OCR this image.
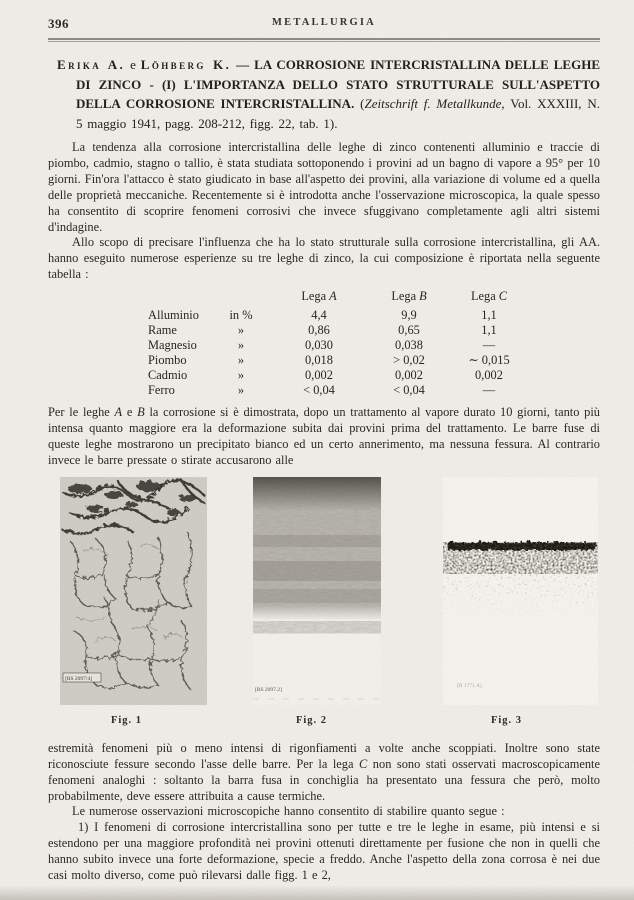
396	METALLURGIA

Erika A. e Löhberg K. — LA CORROSIONE INTERCRISTALLINA DELLE LEGHE DI ZINCO - (I) L'IMPORTANZA DELLO STATO STRUTTURALE SULL'ASPETTO DELLA CORROSIONE INTERCRISTALLINA. (Zeitschrift f. Metallkunde, Vol. XXXIII, N. 5 maggio 1941, pagg. 208-212, figg. 22, tab. 1).

La tendenza alla corrosione intercristallina delle leghe di zinco contenenti alluminio e traccie di piombo, cadmio, stagno o tallio, è stata studiata sottoponendo i provini ad un bagno di vapore a 95° per 10 giorni. Fin'ora l'attacco è stato giudicato in base all'aspetto dei provini, alla variazione di volume ed a quella delle proprietà meccaniche. Recentemente si è introdotta anche l'osservazione microscopica, la quale spesso ha consentito di scoprire fenomeni corrosivi che invece sfuggivano completamente agli altri sistemi d'indagine.

Allo scopo di precisare l'influenza che ha lo stato strutturale sulla corrosione intercristallina, gli AA. hanno eseguito numerose esperienze su tre leghe di zinco, la cui composizione è riportata nella seguente tabella :

		Lega A	Lega B	Lega C
Alluminio	in %	4,4	9,9	1,1
Rame	»	0,86	0,65	1,1
Magnesio	»	0,030	0,038	—
Piombo	»	0,018	> 0,02	∼ 0,015
Cadmio	»	0,002	0,002	0,002
Ferro	»	< 0,04	< 0,04	—

Per le leghe A e B la corrosione si è dimostrata, dopo un trattamento al vapore durato 10 giorni, tanto più intensa quanto maggiore era la deformazione subita dai provini prima del trattamento. Le barre fuse di queste leghe mostrarono un precipitato bianco ed un certo annerimento, ma nessuna fessura. Al contrario invece le barre pressate o stirate accusarono alle

[RS 2097/4]
[RS 2097.2]
[R 1771 A]
Fig. 1	Fig. 2	Fig. 3

estremità fenomeni più o meno intensi di rigonfiamenti a volte anche scoppiati. Inoltre sono state riconosciute fessure secondo l'asse delle barre. Per la lega C non sono stati osservati macroscopicamente fenomeni analoghi : soltanto la barra fusa in conchiglia ha presentato una fessura che però, molto probabilmente, deve essere attribuita a cause termiche.

Le numerose osservazioni microscopiche hanno consentito di stabilire quanto segue :

1) I fenomeni di corrosione intercristallina sono per tutte e tre le leghe in esame, più intensi e si estendono per una maggiore profondità nei provini ottenuti direttamente per fusione che non in quelli che hanno subito invece una forte deformazione, specie a freddo. Anche l'aspetto della zona corrosa è nei due casi molto diverso, come può rilevarsi dalle figg. 1 e 2,
